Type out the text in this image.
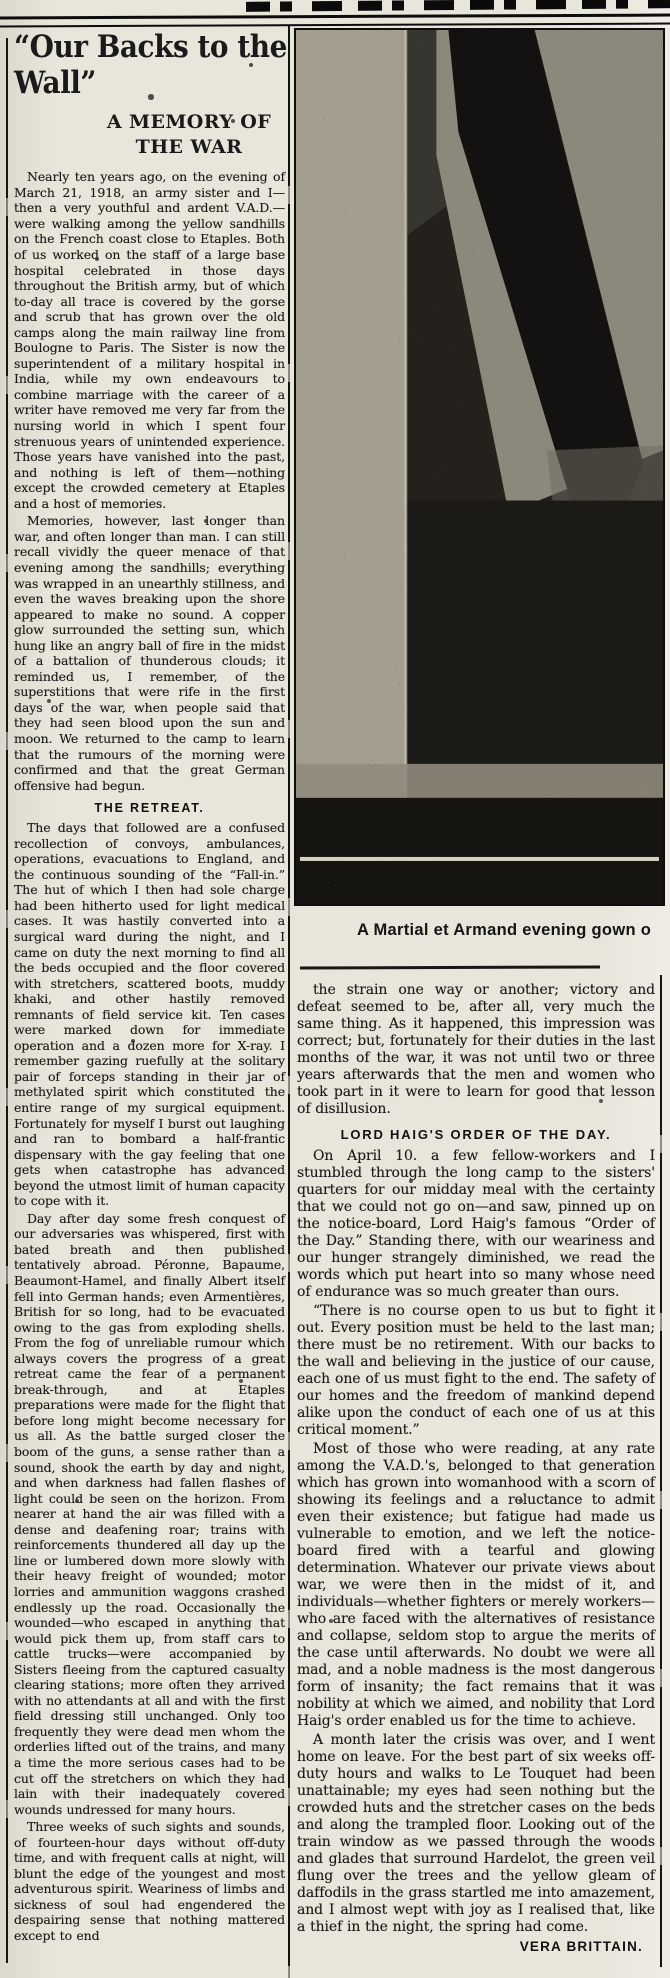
“Our Backs to the
Wall”
A MEMORY OF
THE WAR

Nearly ten years ago, on the evening of March 21, 1918, an army sister and I—then a very youthful and ardent V.A.D.—were walking among the yellow sandhills on the French coast close to Etaples. Both of us worked on the staff of a large base hospital celebrated in those days throughout the British army, but of which to-day all trace is covered by the gorse and scrub that has grown over the old camps along the main railway line from Boulogne to Paris. The Sister is now the superintendent of a military hospital in India, while my own endeavours to combine marriage with the career of a writer have removed me very far from the nursing world in which I spent four strenuous years of unintended experience. Those years have vanished into the past, and nothing is left of them—nothing except the crowded cemetery at Etaples and a host of memories.

Memories, however, last longer than war, and often longer than man. I can still recall vividly the queer menace of that evening among the sandhills; everything was wrapped in an unearthly stillness, and even the waves breaking upon the shore appeared to make no sound. A copper glow surrounded the setting sun, which hung like an angry ball of fire in the midst of a battalion of thunderous clouds; it reminded us, I remember, of the superstitions that were rife in the first days of the war, when people said that they had seen blood upon the sun and moon. We returned to the camp to learn that the rumours of the morning were confirmed and that the great German offensive had begun.

THE RETREAT.

The days that followed are a confused recollection of convoys, ambulances, operations, evacuations to England, and the continuous sounding of the “Fall-in.” The hut of which I then had sole charge had been hitherto used for light medical cases. It was hastily converted into a surgical ward during the night, and I came on duty the next morning to find all the beds occupied and the floor covered with stretchers, scattered boots, muddy khaki, and other hastily removed remnants of field service kit. Ten cases were marked down for immediate operation and a dozen more for X-ray. I remember gazing ruefully at the solitary pair of forceps standing in their jar of methylated spirit which constituted the entire range of my surgical equipment. Fortunately for myself I burst out laughing and ran to bombard a half-frantic dispensary with the gay feeling that one gets when catastrophe has advanced beyond the utmost limit of human capacity to cope with it.

Day after day some fresh conquest of our adversaries was whispered, first with bated breath and then published tentatively abroad. Péronne, Bapaume, Beaumont-Hamel, and finally Albert itself fell into German hands; even Armentières, British for so long, had to be evacuated owing to the gas from exploding shells. From the fog of unreliable rumour which always covers the progress of a great retreat came the fear of a permanent break-through, and at Etaples preparations were made for the flight that before long might become necessary for us all. As the battle surged closer the boom of the guns, a sense rather than a sound, shook the earth by day and night, and when darkness had fallen flashes of light could be seen on the horizon. From nearer at hand the air was filled with a dense and deafening roar; trains with reinforcements thundered all day up the line or lumbered down more slowly with their heavy freight of wounded; motor lorries and ammunition waggons crashed endlessly up the road. Occasionally the wounded—who escaped in anything that would pick them up, from staff cars to cattle trucks—were accompanied by Sisters fleeing from the captured casualty clearing stations; more often they arrived with no attendants at all and with the first field dressing still unchanged. Only too frequently they were dead men whom the orderlies lifted out of the trains, and many a time the more serious cases had to be cut off the stretchers on which they had lain with their inadequately covered wounds undressed for many hours.

Three weeks of such sights and sounds, of fourteen-hour days without off-duty time, and with frequent calls at night, will blunt the edge of the youngest and most adventurous spirit. Weariness of limbs and sickness of soul had engendered the despairing sense that nothing mattered except to end

A Martial et Armand evening gown o

the strain one way or another; victory and defeat seemed to be, after all, very much the same thing. As it happened, this impression was correct; but, fortunately for their duties in the last months of the war, it was not until two or three years afterwards that the men and women who took part in it were to learn for good that lesson of disillusion.

LORD HAIG'S ORDER OF THE DAY.

On April 10. a few fellow-workers and I stumbled through the long camp to the sisters' quarters for our midday meal with the certainty that we could not go on—and saw, pinned up on the notice-board, Lord Haig's famous “Order of the Day.” Standing there, with our weariness and our hunger strangely diminished, we read the words which put heart into so many whose need of endurance was so much greater than ours.

“There is no course open to us but to fight it out. Every position must be held to the last man; there must be no retirement. With our backs to the wall and believing in the justice of our cause, each one of us must fight to the end. The safety of our homes and the freedom of mankind depend alike upon the conduct of each one of us at this critical moment.”

Most of those who were reading, at any rate among the V.A.D.'s, belonged to that generation which has grown into womanhood with a scorn of showing its feelings and a reluctance to admit even their existence; but fatigue had made us vulnerable to emotion, and we left the notice-board fired with a tearful and glowing determination. Whatever our private views about war, we were then in the midst of it, and individuals—whether fighters or merely workers—who are faced with the alternatives of resistance and collapse, seldom stop to argue the merits of the case until afterwards. No doubt we were all mad, and a noble madness is the most dangerous form of insanity; the fact remains that it was nobility at which we aimed, and nobility that Lord Haig's order enabled us for the time to achieve.

A month later the crisis was over, and I went home on leave. For the best part of six weeks off-duty hours and walks to Le Touquet had been unattainable; my eyes had seen nothing but the crowded huts and the stretcher cases on the beds and along the trampled floor. Looking out of the train window as we passed through the woods and glades that surround Hardelot, the green veil flung over the trees and the yellow gleam of daffodils in the grass startled me into amazement, and I almost wept with joy as I realised that, like a thief in the night, the spring had come.

VERA BRITTAIN.
